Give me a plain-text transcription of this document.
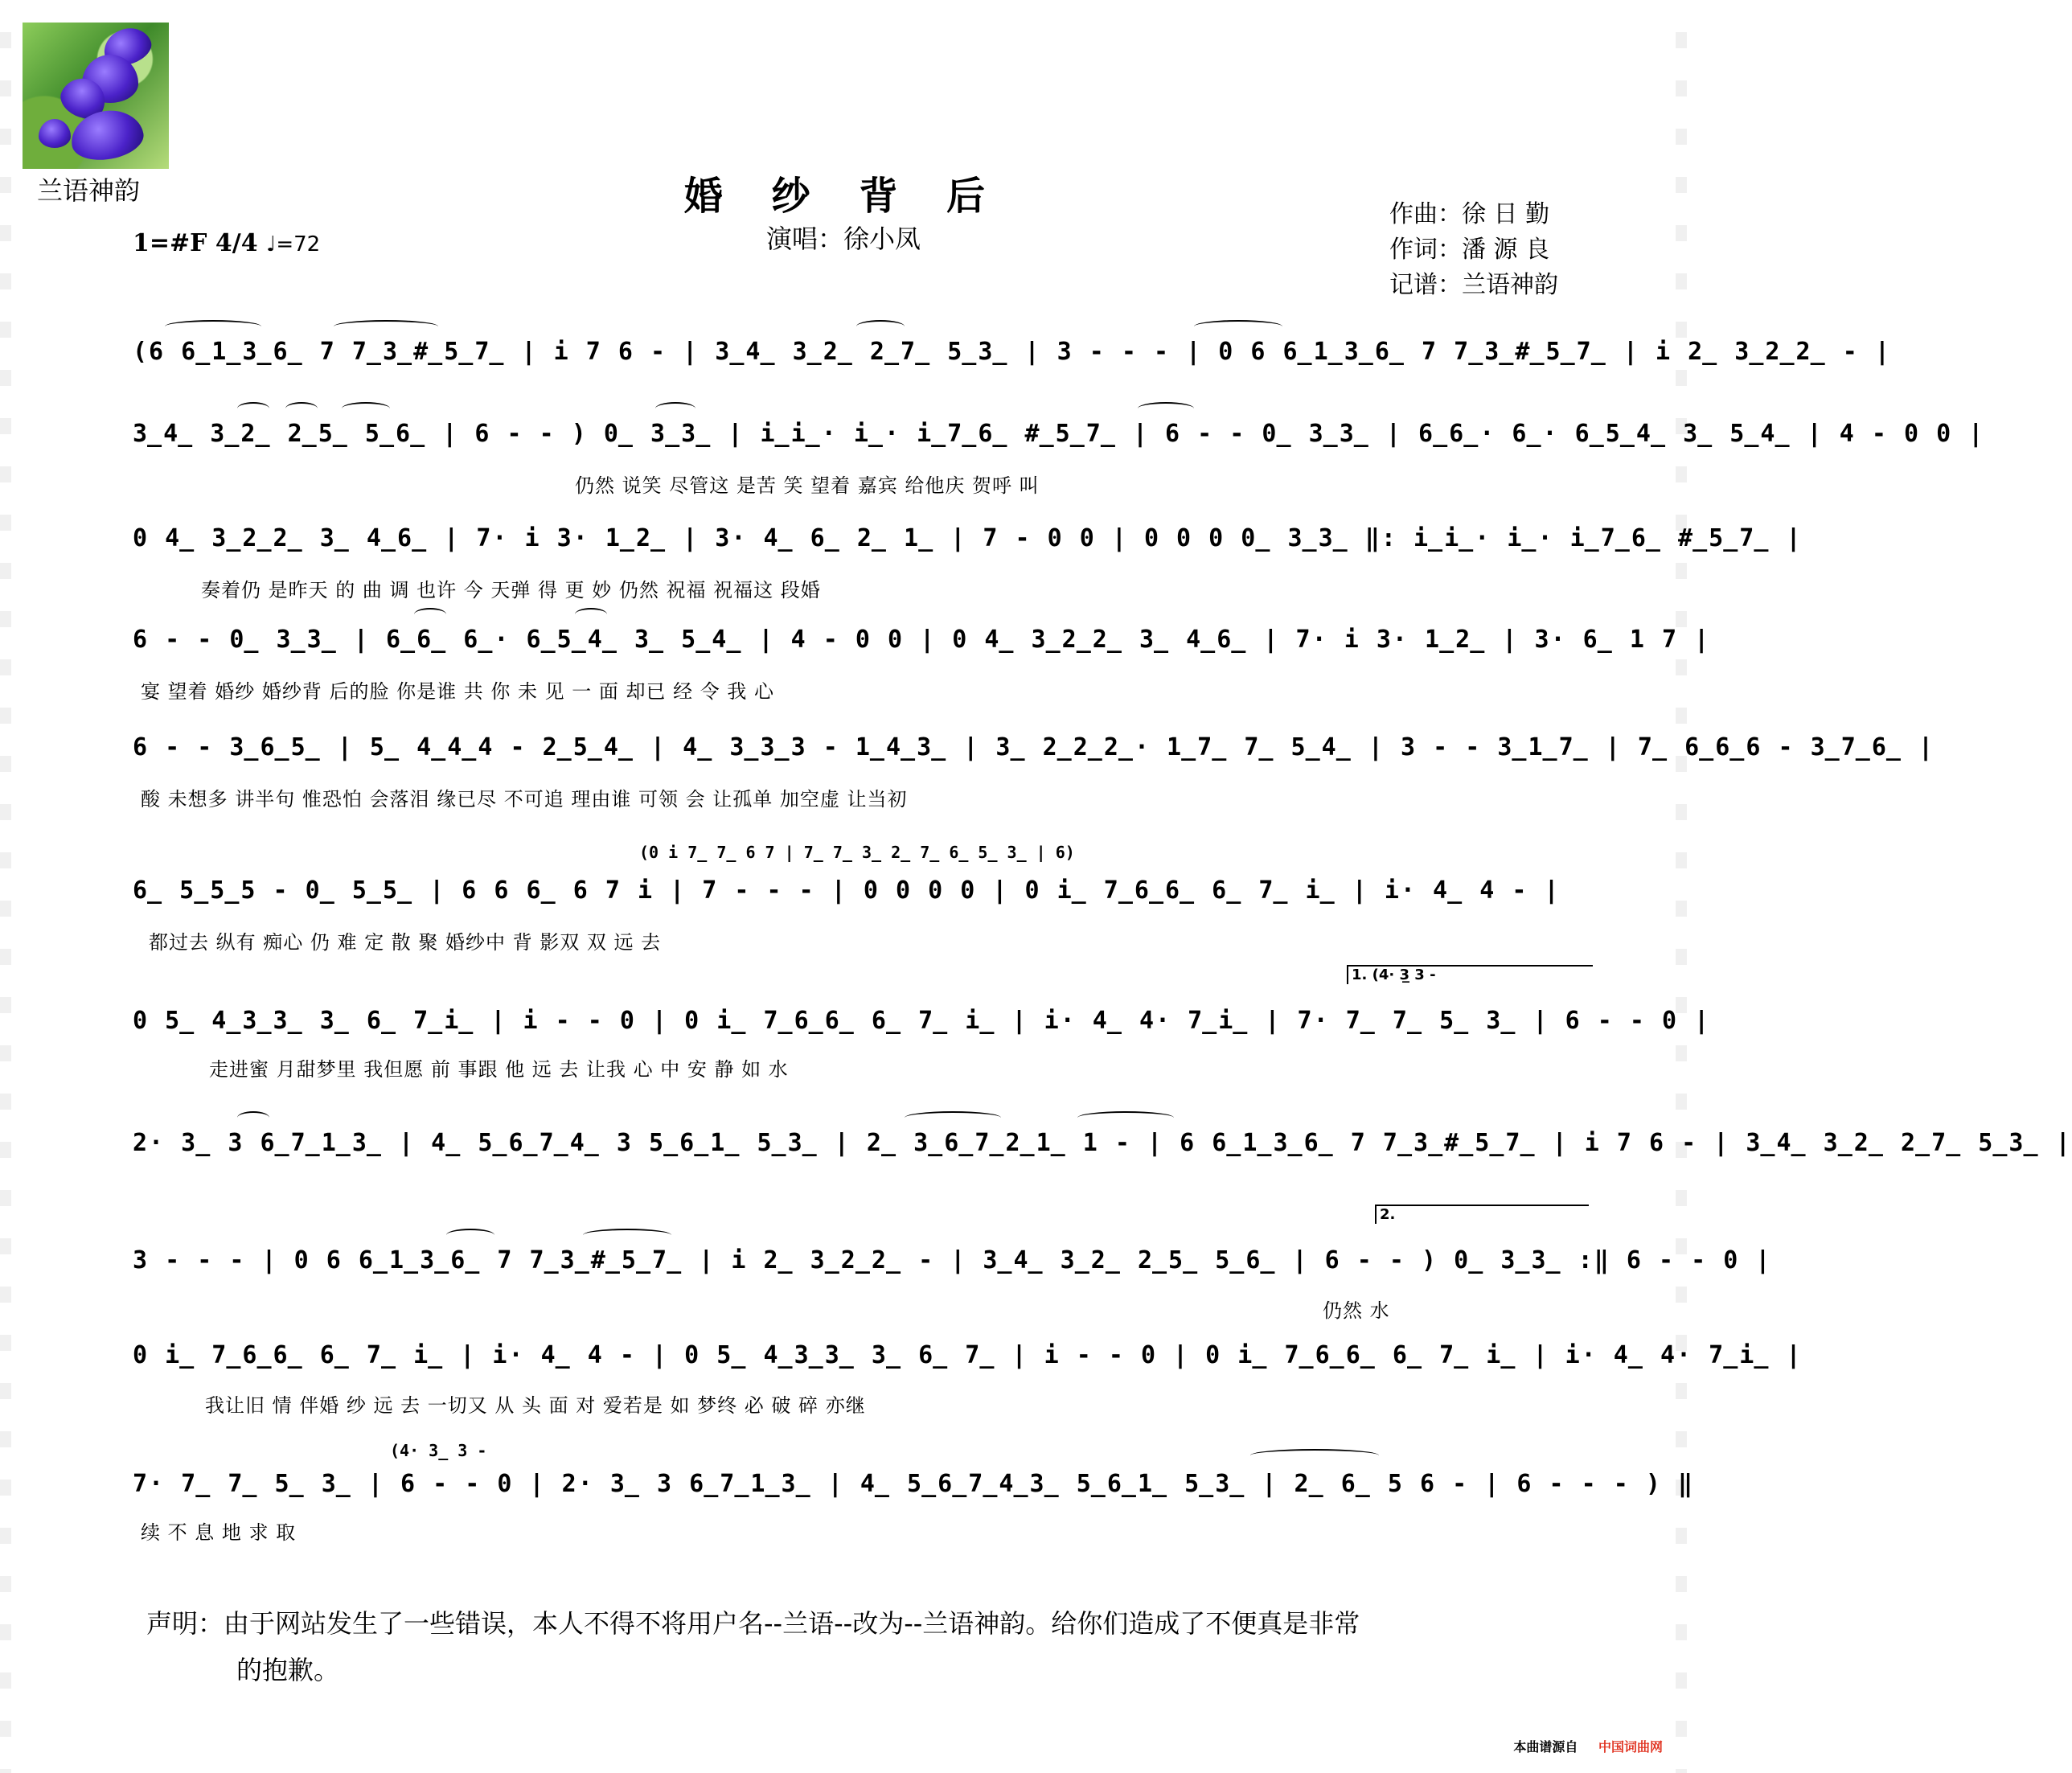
兰语神韵	婚 纱 背 后
演唱：徐小凤
作曲：徐 日 勤
作词：潘 源 良
记谱：兰语神韵
1=#F 4/4 ♩=72
(6 6̲1̲3̲6̲ 7 7̲3̲#̲5̲7̲ | i 7 6 - | 3̲4̲ 3̲2̲ 2̲7̲ 5̲3̲ | 3 - - - | 0 6 6̲1̲3̲6̲ 7 7̲3̲#̲5̲7̲ | i 2̲ 3̲2̲2̲ - |
3̲4̲ 3̲2̲ 2̲5̲ 5̲6̲ | 6 - - ) 0̲ 3̲3̲ | i̲i̲· i̲· i̲7̲6̲ #̲5̲7̲ | 6 - - 0̲ 3̲3̲ | 6̲6̲· 6̲· 6̲5̲4̲ 3̲ 5̲4̲ | 4 - 0 0 |
仍然 说笑 尽管这 是苦 笑 望着 嘉宾 给他庆 贺呼 叫
0 4̲ 3̲2̲2̲ 3̲ 4̲6̲ | 7· i 3· 1̲2̲ | 3· 4̲ 6̲ 2̲ 1̲ | 7 - 0 0 | 0 0 0 0̲ 3̲3̲ ‖: i̲i̲· i̲· i̲7̲6̲ #̲5̲7̲ |
奏着仍 是昨天 的 曲 调 也许 今 天弹 得 更 妙 仍然 祝福 祝福这 段婚
6 - - 0̲ 3̲3̲ | 6̲6̲ 6̲· 6̲5̲4̲ 3̲ 5̲4̲ | 4 - 0 0 | 0 4̲ 3̲2̲2̲ 3̲ 4̲6̲ | 7· i 3· 1̲2̲ | 3· 6̲ 1 7 |
宴 望着 婚纱 婚纱背 后的脸 你是谁 共 你 未 见 一 面 却已 经 令 我 心
6 - - 3̲6̲5̲ | 5̲ 4̲4̲4 - 2̲5̲4̲ | 4̲ 3̲3̲3 - 1̲4̲3̲ | 3̲ 2̲2̲2̲· 1̲7̲ 7̲ 5̲4̲ | 3 - - 3̲1̲7̲ | 7̲ 6̲6̲6 - 3̲7̲6̲ |
酸 未想多 讲半句 惟恐怕 会落泪 缘已尽 不可追 理由谁 可领 会 让孤单 加空虚 让当初
(0 i 7̲ 7̲ 6 7 | 7̲ 7̲ 3̲ 2̲ 7̲ 6̲ 5̲ 3̲ | 6)
6̲ 5̲5̲5 - 0̲ 5̲5̲ | 6 6 6̲ 6 7 i | 7 - - - | 0 0 0 0 | 0 i̲ 7̲6̲6̲ 6̲ 7̲ i̲ | i· 4̲ 4 - |
都过去 纵有 痴心 仍 难 定 散 聚 婚纱中 背 影双 双 远 去
1. (4· 3̲ 3 -
0 5̲ 4̲3̲3̲ 3̲ 6̲ 7̲i̲ | i - - 0 | 0 i̲ 7̲6̲6̲ 6̲ 7̲ i̲ | i· 4̲ 4· 7̲i̲ | 7· 7̲ 7̲ 5̲ 3̲ | 6 - - 0 |
走进蜜 月甜梦里 我但愿 前 事跟 他 远 去 让我 心 中 安 静 如 水
2· 3̲ 3 6̲7̲1̲3̲ | 4̲ 5̲6̲7̲4̲ 3 5̲6̲1̲ 5̲3̲ | 2̲ 3̲6̲7̲2̲1̲ 1 - | 6 6̲1̲3̲6̲ 7 7̲3̲#̲5̲7̲ | i 7 6 - | 3̲4̲ 3̲2̲ 2̲7̲ 5̲3̲ |
2.
3 - - - | 0 6 6̲1̲3̲6̲ 7 7̲3̲#̲5̲7̲ | i 2̲ 3̲2̲2̲ - | 3̲4̲ 3̲2̲ 2̲5̲ 5̲6̲ | 6 - - ) 0̲ 3̲3̲ :‖ 6 - - 0 |
仍然 水
0 i̲ 7̲6̲6̲ 6̲ 7̲ i̲ | i· 4̲ 4 - | 0 5̲ 4̲3̲3̲ 3̲ 6̲ 7̲ | i - - 0 | 0 i̲ 7̲6̲6̲ 6̲ 7̲ i̲ | i· 4̲ 4· 7̲i̲ |
我让旧 情 伴婚 纱 远 去 一切又 从 头 面 对 爱若是 如 梦终 必 破 碎 亦继
(4· 3̲ 3 -
7· 7̲ 7̲ 5̲ 3̲ | 6 - - 0 | 2· 3̲ 3 6̲7̲1̲3̲ | 4̲ 5̲6̲7̲4̲3̲ 5̲6̲1̲ 5̲3̲ | 2̲ 6̲ 5 6 - | 6 - - - ) ‖
续 不 息 地 求 取
声明：由于网站发生了一些错误，本人不得不将用户名--兰语--改为--兰语神韵。给你们造成了不便真是非常
的抱歉。
本曲谱源自 中国词曲网
